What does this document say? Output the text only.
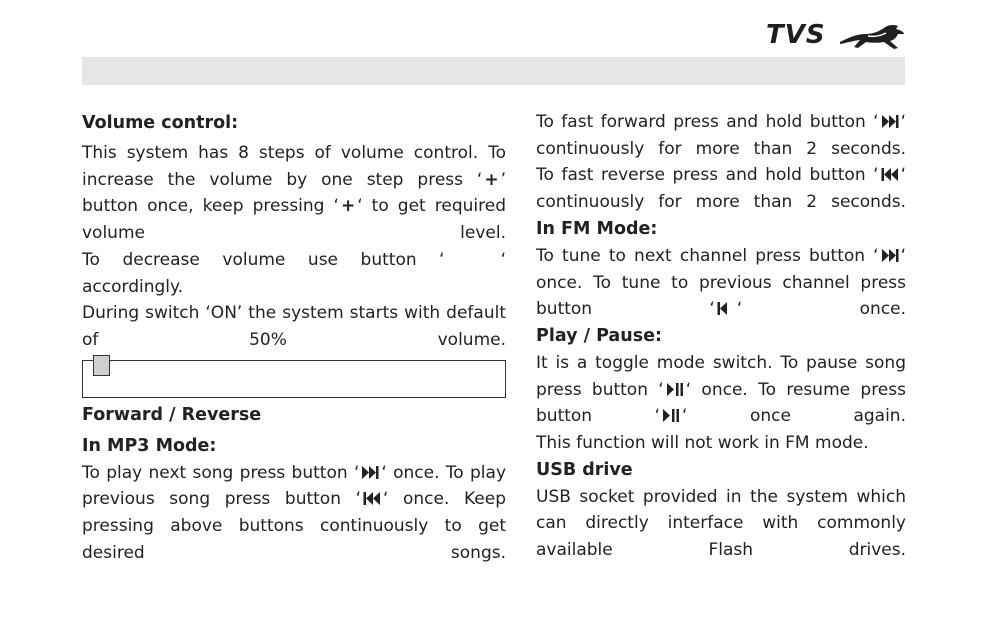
TVS
Volume control:

This system has 8 steps of volume control. To increase the volume by one step press ‘ + ’ button once, keep pressing ‘ + ‘ to get required volume level.

To decrease volume use button ‘	‘ accordingly.

During switch ‘ON’ the system starts with default of 50% volume.

Forward / Reverse
In MP3 Mode:

To play next song press button ‘ ‘ once. To play previous song press button ‘ ‘ once. Keep pressing above buttons continuously to get desired songs.

To fast forward press and hold button ‘ ‘ continuously for more than 2 seconds.

To fast reverse press and hold button ‘ ‘ continuously for more than 2 seconds.

In FM Mode:

To tune to next channel press button ‘ ‘ once. To tune to previous channel press button ‘ ‘ once.

Play / Pause:

It is a toggle mode switch. To pause song press button ‘ ‘ once. To resume press button ‘ ‘ once again.

This function will not work in FM mode.

USB drive

USB socket provided in the system which can directly interface with commonly available Flash drives.
